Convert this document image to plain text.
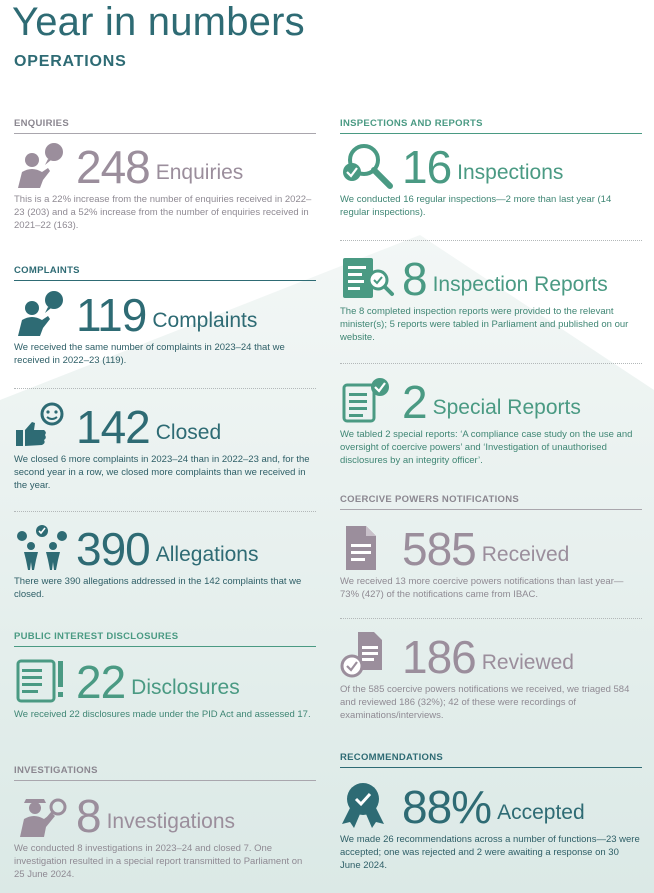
Year in numbers
OPERATIONS
ENQUIRIES
248 Enquiries
This is a 22% increase from the number of enquiries received in 2022–23 (203) and a 52% increase from the number of enquiries received in 2021–22 (163).
COMPLAINTS
119 Complaints
We received the same number of complaints in 2023–24 that we received in 2022–23 (119).
142 Closed
We closed 6 more complaints in 2023–24 than in 2022–23 and, for the second year in a row, we closed more complaints than we received in the year.
390 Allegations
There were 390 allegations addressed in the 142 complaints that we closed.
PUBLIC INTEREST DISCLOSURES
22 Disclosures
We received 22 disclosures made under the PID Act and assessed 17.
INVESTIGATIONS
8 Investigations
We conducted 8 investigations in 2023–24 and closed 7. One investigation resulted in a special report transmitted to Parliament on 25 June 2024.
INSPECTIONS AND REPORTS
16 Inspections
We conducted 16 regular inspections—2 more than last year (14 regular inspections).
8 Inspection Reports
The 8 completed inspection reports were provided to the relevant minister(s); 5 reports were tabled in Parliament and published on our website.
2 Special Reports
We tabled 2 special reports: ‘A compliance case study on the use and oversight of coercive powers’ and ‘Investigation of unauthorised disclosures by an integrity officer’.
COERCIVE POWERS NOTIFICATIONS
585 Received
We received 13 more coercive powers notifications than last year—73% (427) of the notifications came from IBAC.
186 Reviewed
Of the 585 coercive powers notifications we received, we triaged 584 and reviewed 186 (32%); 42 of these were recordings of examinations/interviews.
RECOMMENDATIONS
88% Accepted
We made 26 recommendations across a number of functions—23 were accepted; one was rejected and 2 were awaiting a response on 30 June 2024.
